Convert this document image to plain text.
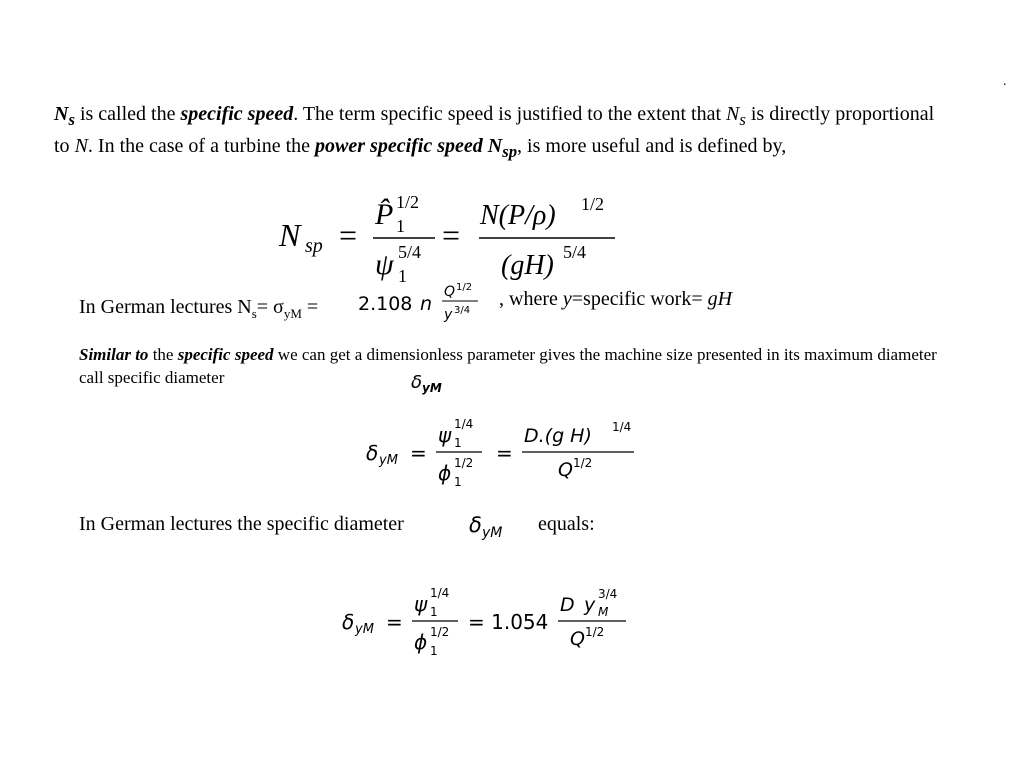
.
$N_s$ is called the specific speed. The term specific speed is justified to the extent that $N_s$ is directly proportional to N. In the case of a turbine the power specific speed $N_{sp}$, is more useful and is defined by,
N sp =
P̂ 1/2
1
ψ 5/4
1
=
N(P/ρ) 1/2
(gH) 5/4
In German lectures $N_s= \sigma_{yM} = 2.108$ n
Q 1/2
y 3/4
, where y=specific work= gH
Similar to the specific speed we can get a dimensionless parameter gives the machine size presented in its maximum diameter call specific diameter	δ yM
δ yM =
ψ 1/4
1
ϕ 1/2
1
=
D.(g H) 1/4
Q 1/2
In German lectures the specific diameter	δ yM equals:
δ yM =
ψ 1/4
1
ϕ 1/2
1
= 1.054
D y 3/4
M
Q 1/2
